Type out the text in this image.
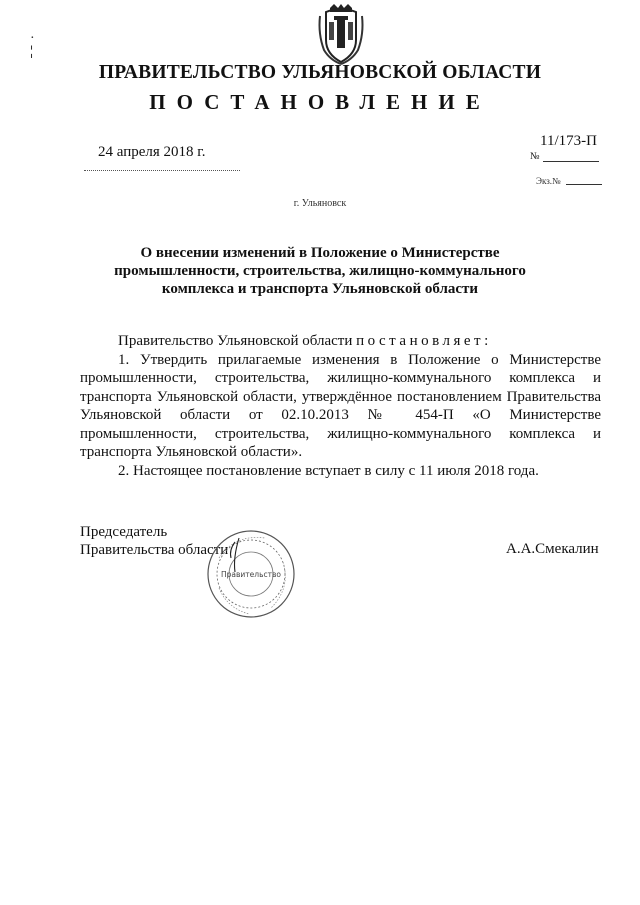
·
¦
ПРАВИТЕЛЬСТВО УЛЬЯНОВСКОЙ ОБЛАСТИ
ПОСТАНОВЛЕНИЕ
24 апреля 2018 г.
11/173-П
№
Экз.№
г. Ульяновск
О внесении изменений в Положение о Министерстве промышленности, строительства, жилищно-коммунального комплекса и транспорта Ульяновской области

Правительство Ульяновской области постановляет:

1. Утвердить прилагаемые изменения в Положение о Министерстве промышленности, строительства, жилищно-коммунального комплекса и транспорта Ульяновской области, утверждённое постановлением Правительства Ульяновской области от 02.10.2013 № 454-П «О Министерстве промышленности, строительства, жилищно-коммунального комплекса и транспорта Ульяновской области».

2. Настоящее постановление вступает в силу с 11 июля 2018 года.

Председатель
Правительства области	А.А.Смекалин
Правительство
